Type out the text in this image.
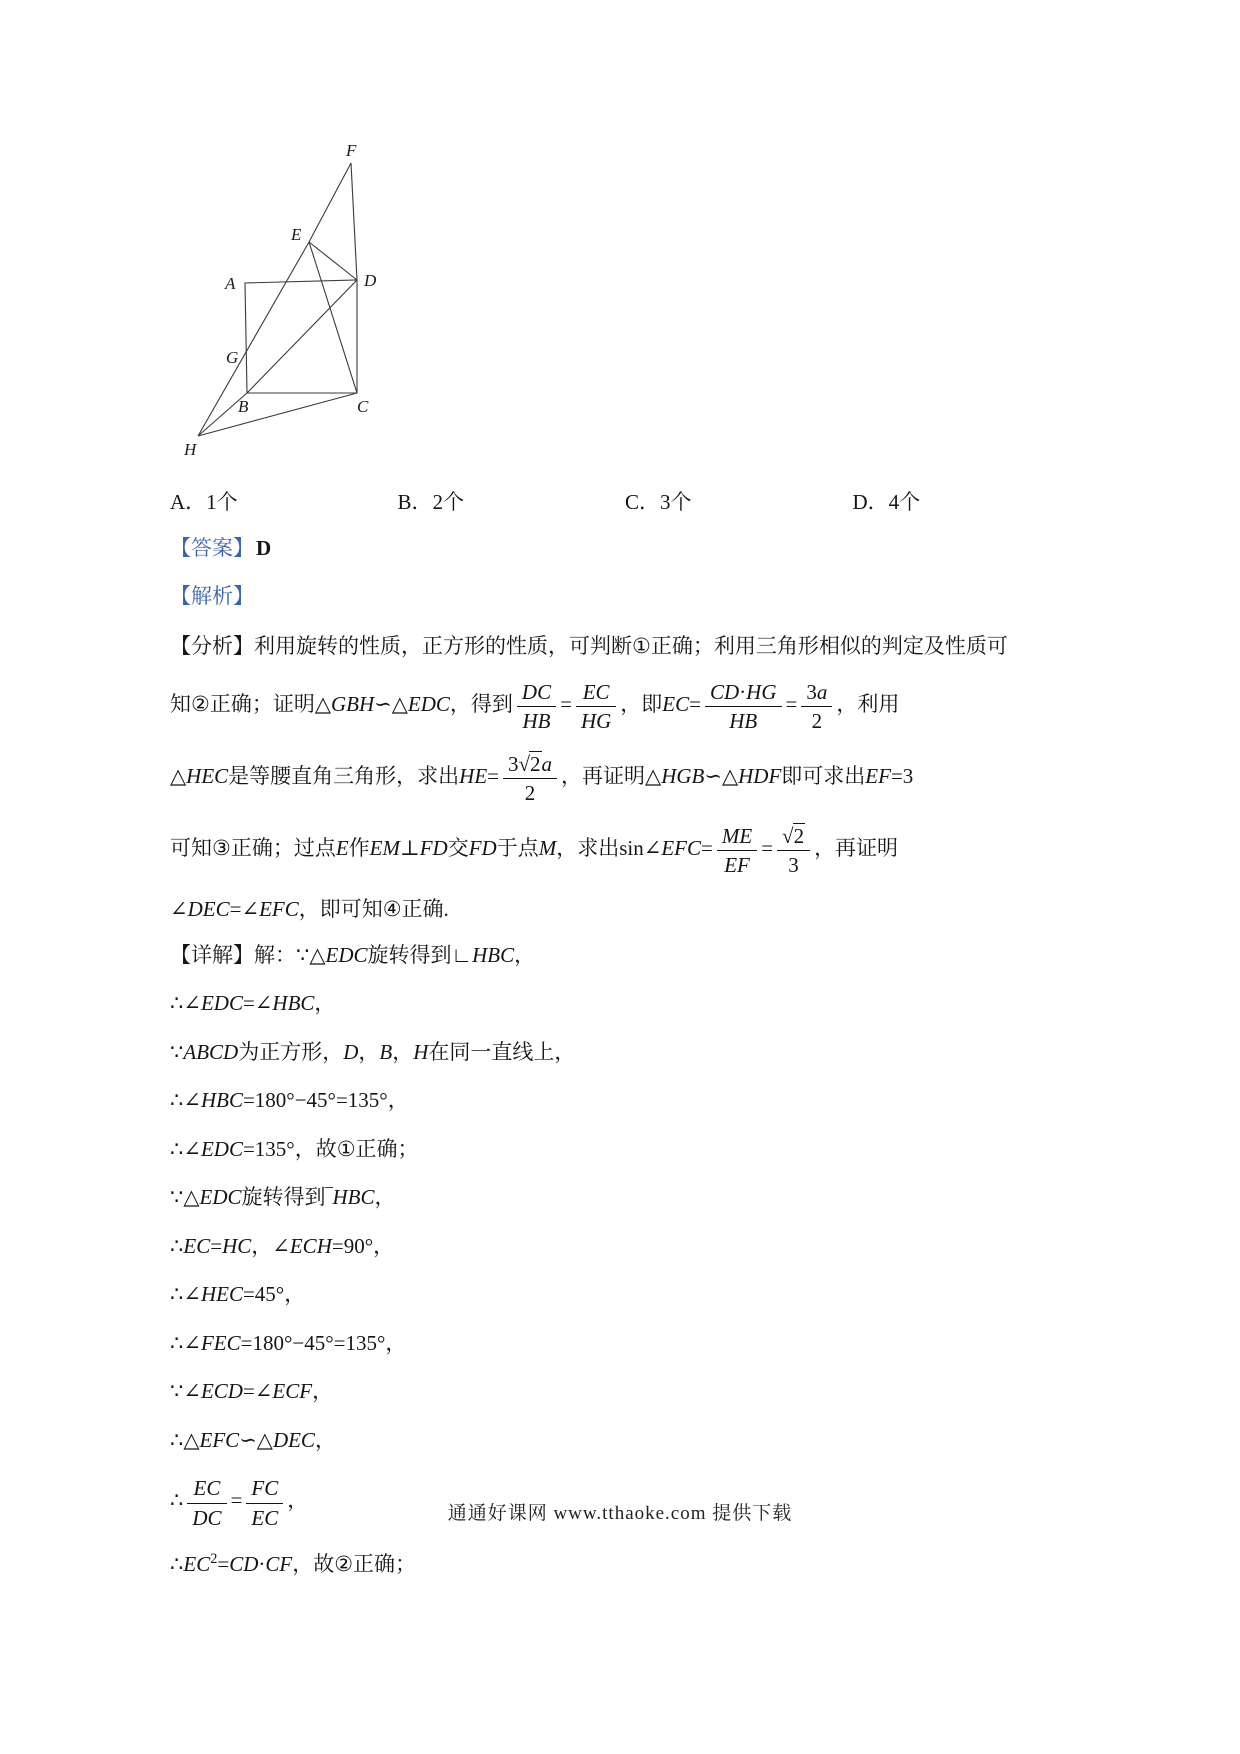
F
E
A	D
G
B	C
H
A．1个	B．2个	C．3个	D．4个

【答案】D

【解析】

【分析】利用旋转的性质，正方形的性质，可判断①正确；利用三角形相似的判定及性质可

知②正确；证明△GBH∽△EDC，得到 $\frac{DC}{HB} = \frac{EC}{HG}$ ，即$EC= \frac{CD\cdot HG}{HB} = \frac{3a}{2}$ ，利用

△HEC是等腰直角三角形，求出$HE= \frac{3√2a}{2}$ ，再证明△HGB∽△HDF即可求出EF=3

可知③正确；过点E作EM⊥FD交FD于点M，求出sin∠EFC= $\frac{ME}{EF} = \frac{√2}{3}$ ，再证明

∠DEC=∠EFC，即可知④正确.

【详解】解：∵△EDC旋转得到∟HBC，

∴∠EDC=∠HBC，

∵ABCD为正方形，D，B，H在同一直线上，

∴∠HBC=180°−45°=135°，

∴∠EDC=135°，故①正确；

∵△EDC旋转得到‾HBC，

∴EC=HC，∠ECH=90°，

∴∠HEC=45°，

∴∠FEC=180°−45°=135°，

∵∠ECD=∠ECF，

∴△EFC∽△DEC，

∴ $\frac{EC}{DC} = \frac{FC}{EC}$ ，

$\therefore EC^2=CD\cdot CF$，故②正确；

通通好课网 www.tthaoke.com 提供下载
